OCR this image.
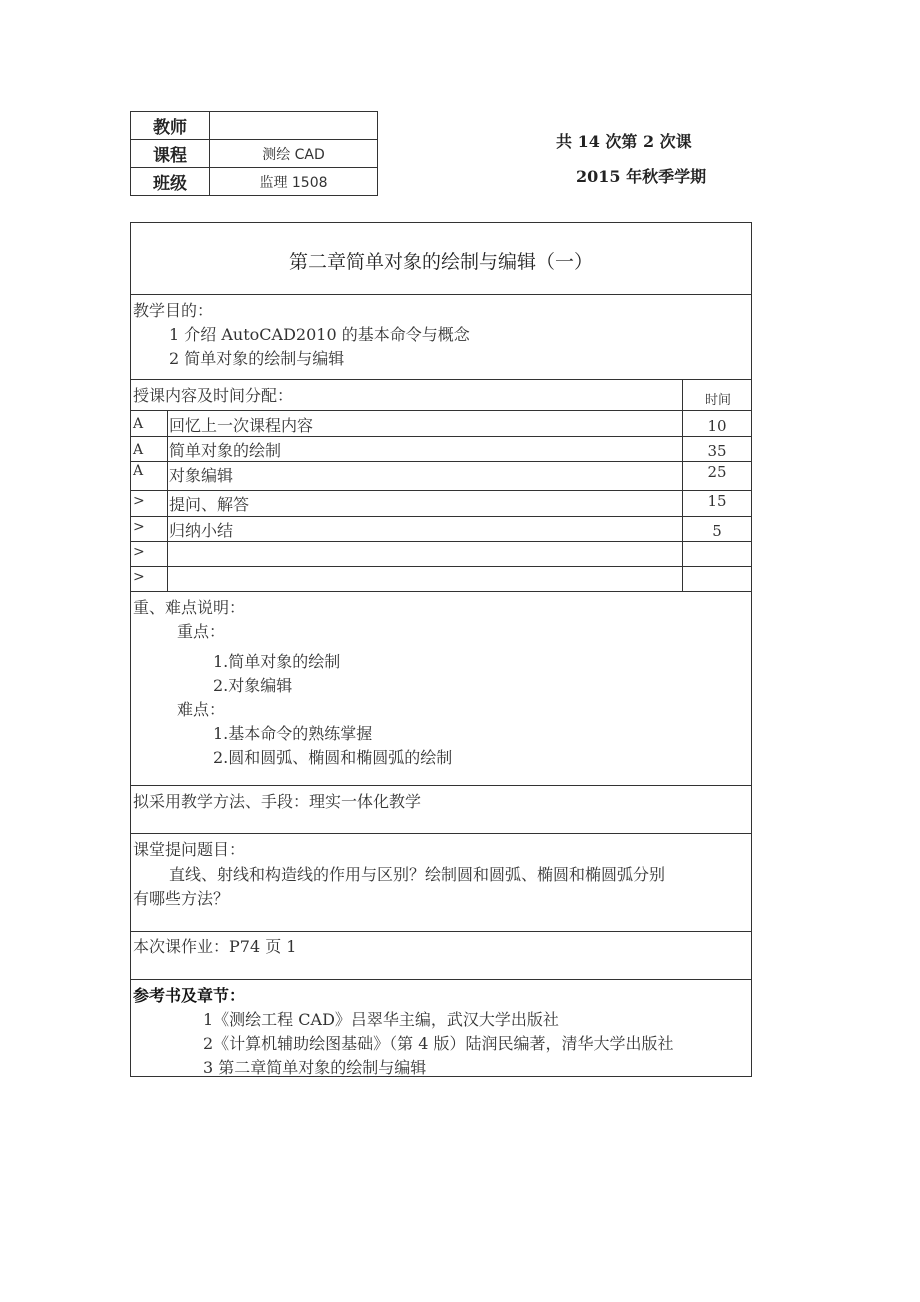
教师	
课程	测绘 CAD
班级	监理 1508
共 14 次第 2 次课
2015 年秋季学期
第二章简单对象的绘制与编辑（一）
教学目的：
1 介绍 AutoCAD2010 的基本命令与概念
2 简单对象的绘制与编辑
授课内容及时间分配：	时间
A 回忆上一次课程内容	10
A 简单对象的绘制	35
A 对象编辑	25
> 提问、解答	15
> 归纳小结	5
>
>
重、难点说明：
重点：
1.简单对象的绘制
2.对象编辑
难点：
1.基本命令的熟练掌握
2.圆和圆弧、椭圆和椭圆弧的绘制
拟采用教学方法、手段：理实一体化教学
课堂提问题目：
直线、射线和构造线的作用与区别？绘制圆和圆弧、椭圆和椭圆弧分别
有哪些方法？
本次课作业：P74 页 1
参考书及章节：
1《测绘工程 CAD》吕翠华主编，武汉大学出版社
2《计算机辅助绘图基础》（第 4 版）陆润民编著，清华大学出版社
3 第二章简单对象的绘制与编辑
